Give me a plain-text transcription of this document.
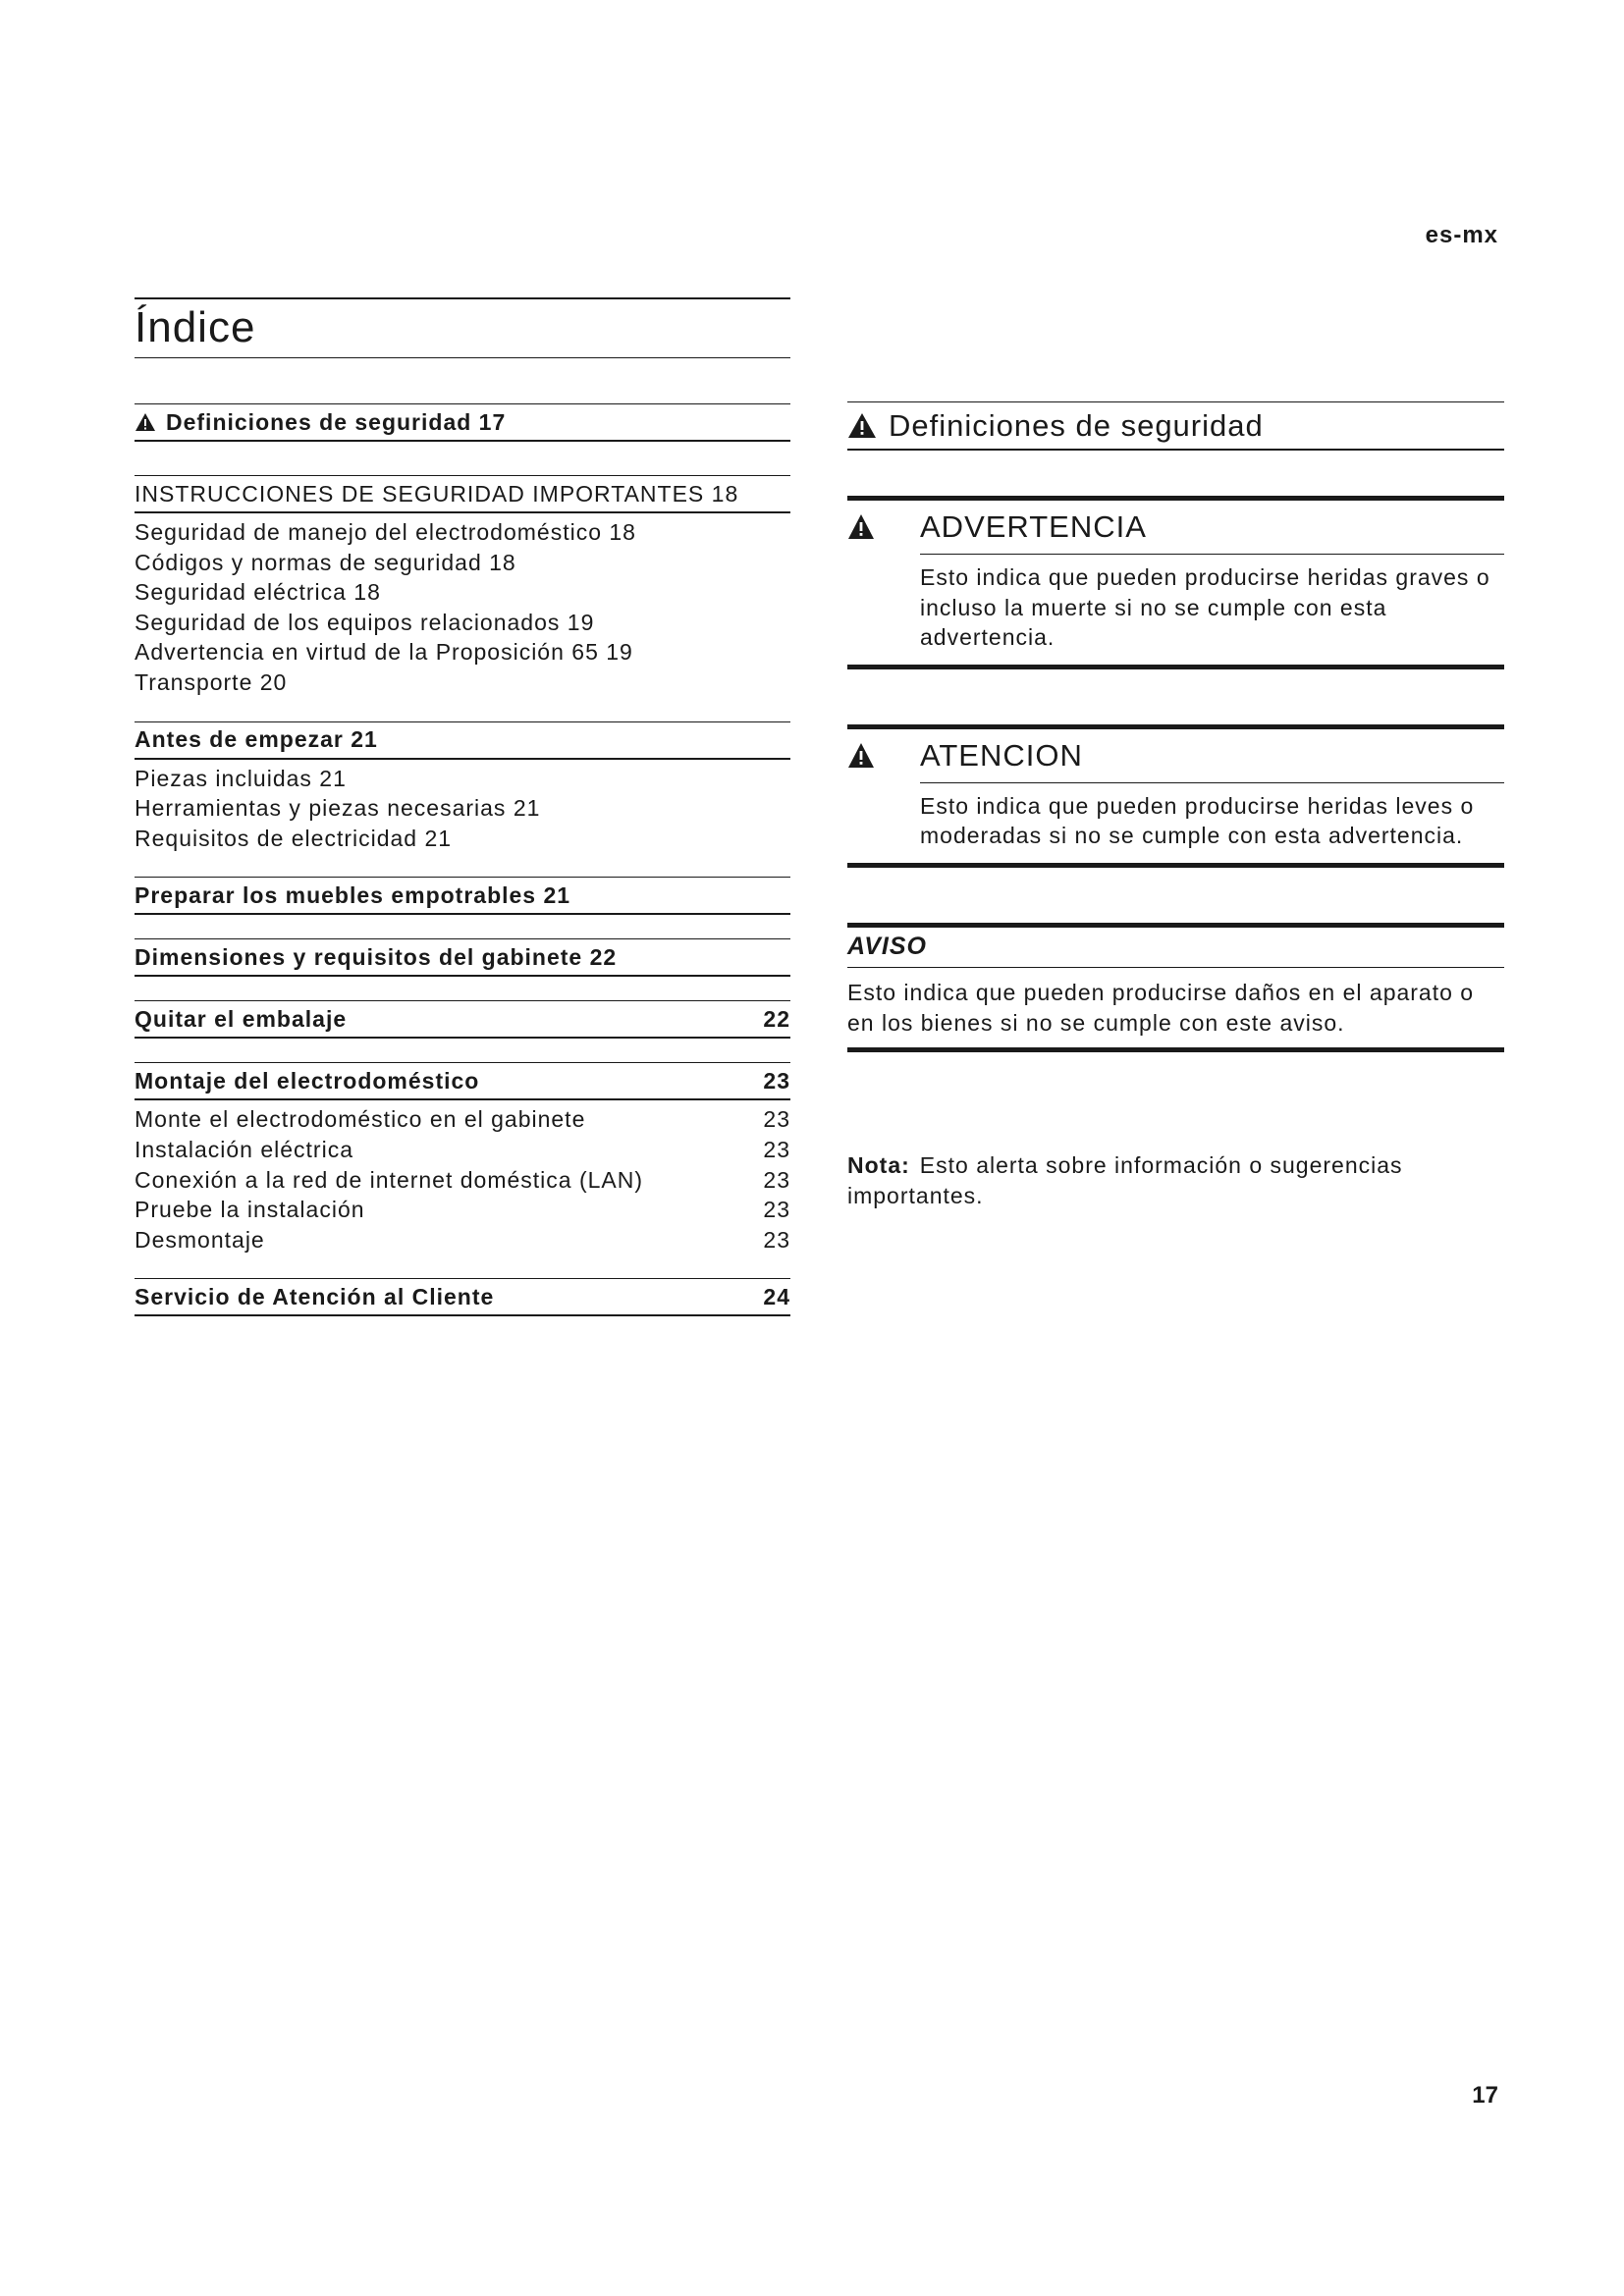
es-mx
17
Índice
Definiciones de seguridad 17
INSTRUCCIONES DE SEGURIDAD IMPORTANTES 18
Seguridad de manejo del electrodoméstico 18
Códigos y normas de seguridad 18
Seguridad eléctrica 18
Seguridad de los equipos relacionados 19
Advertencia en virtud de la Proposición 65 19
Transporte 20
Antes de empezar 21
Piezas incluidas 21
Herramientas y piezas necesarias 21
Requisitos de electricidad 21
Preparar los muebles empotrables 21
Dimensiones y requisitos del gabinete 22
Quitar el embalaje	22
Montaje del electrodoméstico	23
Monte el electrodoméstico en el gabinete	23
Instalación eléctrica	23
Conexión a la red de internet doméstica (LAN)	23
Pruebe la instalación	23
Desmontaje	23
Servicio de Atención al Cliente	24
Definiciones de seguridad
ADVERTENCIA
Esto indica que pueden producirse heridas graves o incluso la muerte si no se cumple con esta advertencia.
ATENCION
Esto indica que pueden producirse heridas leves o moderadas si no se cumple con esta advertencia.
AVISO
Esto indica que pueden producirse daños en el aparato o en los bienes si no se cumple con este aviso.
Nota: Esto alerta sobre información o sugerencias importantes.
